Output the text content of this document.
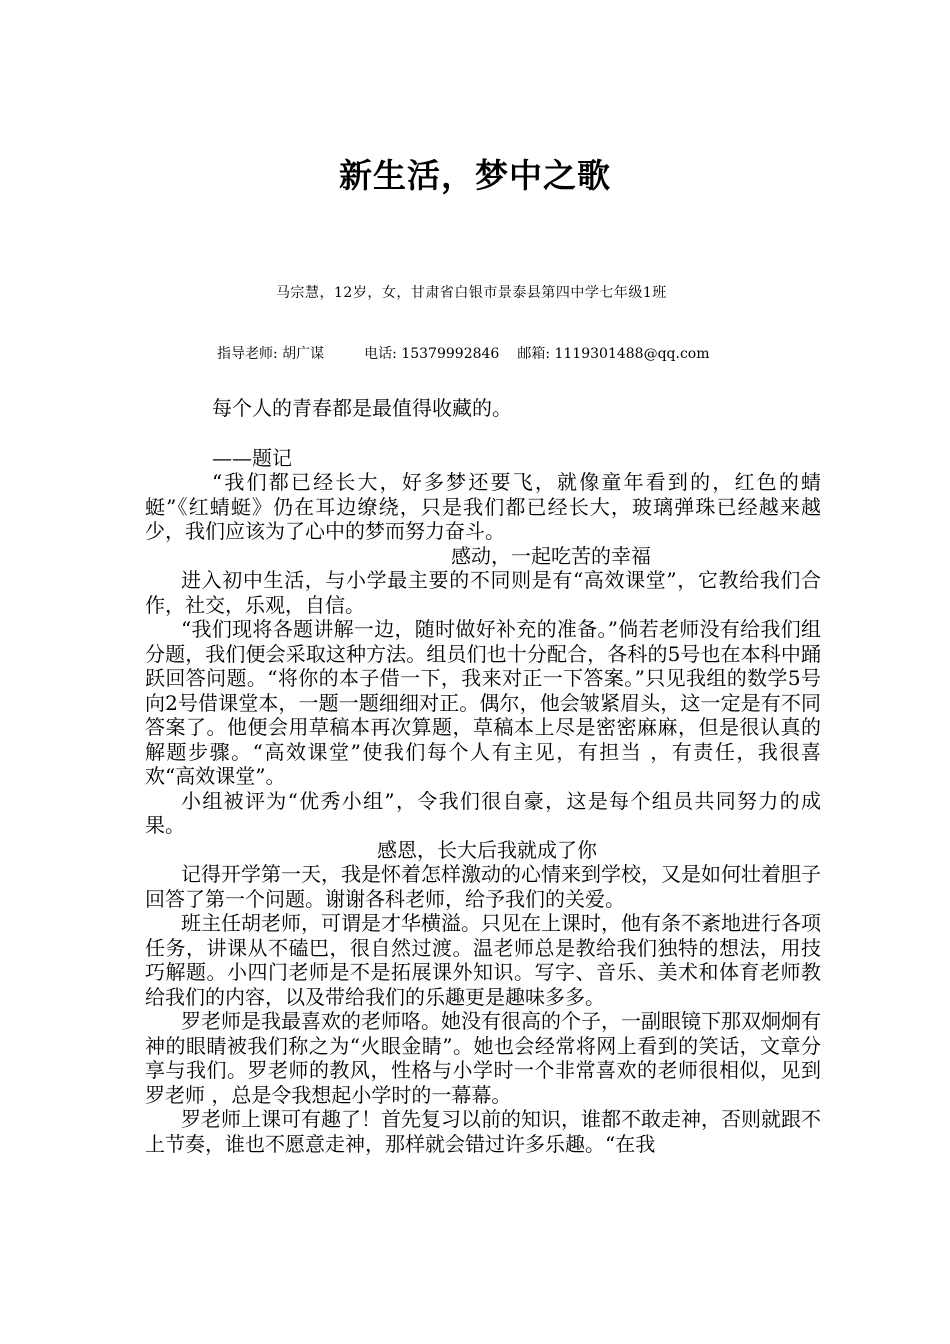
新生活，梦中之歌
马宗慧，12岁，女，甘肃省白银市景泰县第四中学七年级1班
指导老师: 胡广谋	电话: 15379992846 邮箱: 1119301488@qq.com

每个人的青春都是最值得收藏的。

——题记

“我们都已经长大，好多梦还要飞，就像童年看到的，红色的蜻蜓”《红蜻蜓》仍在耳边缭绕，只是我们都已经长大，玻璃弹珠已经越来越少，我们应该为了心中的梦而努力奋斗。

感动，一起吃苦的幸福

进入初中生活，与小学最主要的不同则是有“高效课堂”，它教给我们合作，社交，乐观，自信。

“我们现将各题讲解一边，随时做好补充的准备。”倘若老师没有给我们组分题，我们便会采取这种方法。组员们也十分配合，各科的5号也在本科中踊跃回答问题。“将你的本子借一下，我来对正一下答案。”只见我组的数学5号向2号借课堂本，一题一题细细对正。偶尔，他会皱紧眉头，这一定是有不同答案了。他便会用草稿本再次算题，草稿本上尽是密密麻麻，但是很认真的解题步骤。“高效课堂”使我们每个人有主见，有担当 ，有责任，我很喜欢“高效课堂”。

小组被评为“优秀小组”，令我们很自豪，这是每个组员共同努力的成果。

感恩，长大后我就成了你

记得开学第一天，我是怀着怎样激动的心情来到学校，又是如何壮着胆子回答了第一个问题。谢谢各科老师，给予我们的关爱。

班主任胡老师，可谓是才华横溢。只见在上课时，他有条不紊地进行各项任务，讲课从不磕巴，很自然过渡。温老师总是教给我们独特的想法，用技巧解题。小四门老师是不是拓展课外知识。写字、音乐、美术和体育老师教给我们的内容，以及带给我们的乐趣更是趣味多多。

罗老师是我最喜欢的老师咯。她没有很高的个子，一副眼镜下那双炯炯有神的眼睛被我们称之为“火眼金睛”。她也会经常将网上看到的笑话，文章分享与我们。罗老师的教风，性格与小学时一个非常喜欢的老师很相似，见到罗老师 ，总是令我想起小学时的一幕幕。

罗老师上课可有趣了！首先复习以前的知识，谁都不敢走神，否则就跟不上节奏，谁也不愿意走神，那样就会错过许多乐趣。“在我
